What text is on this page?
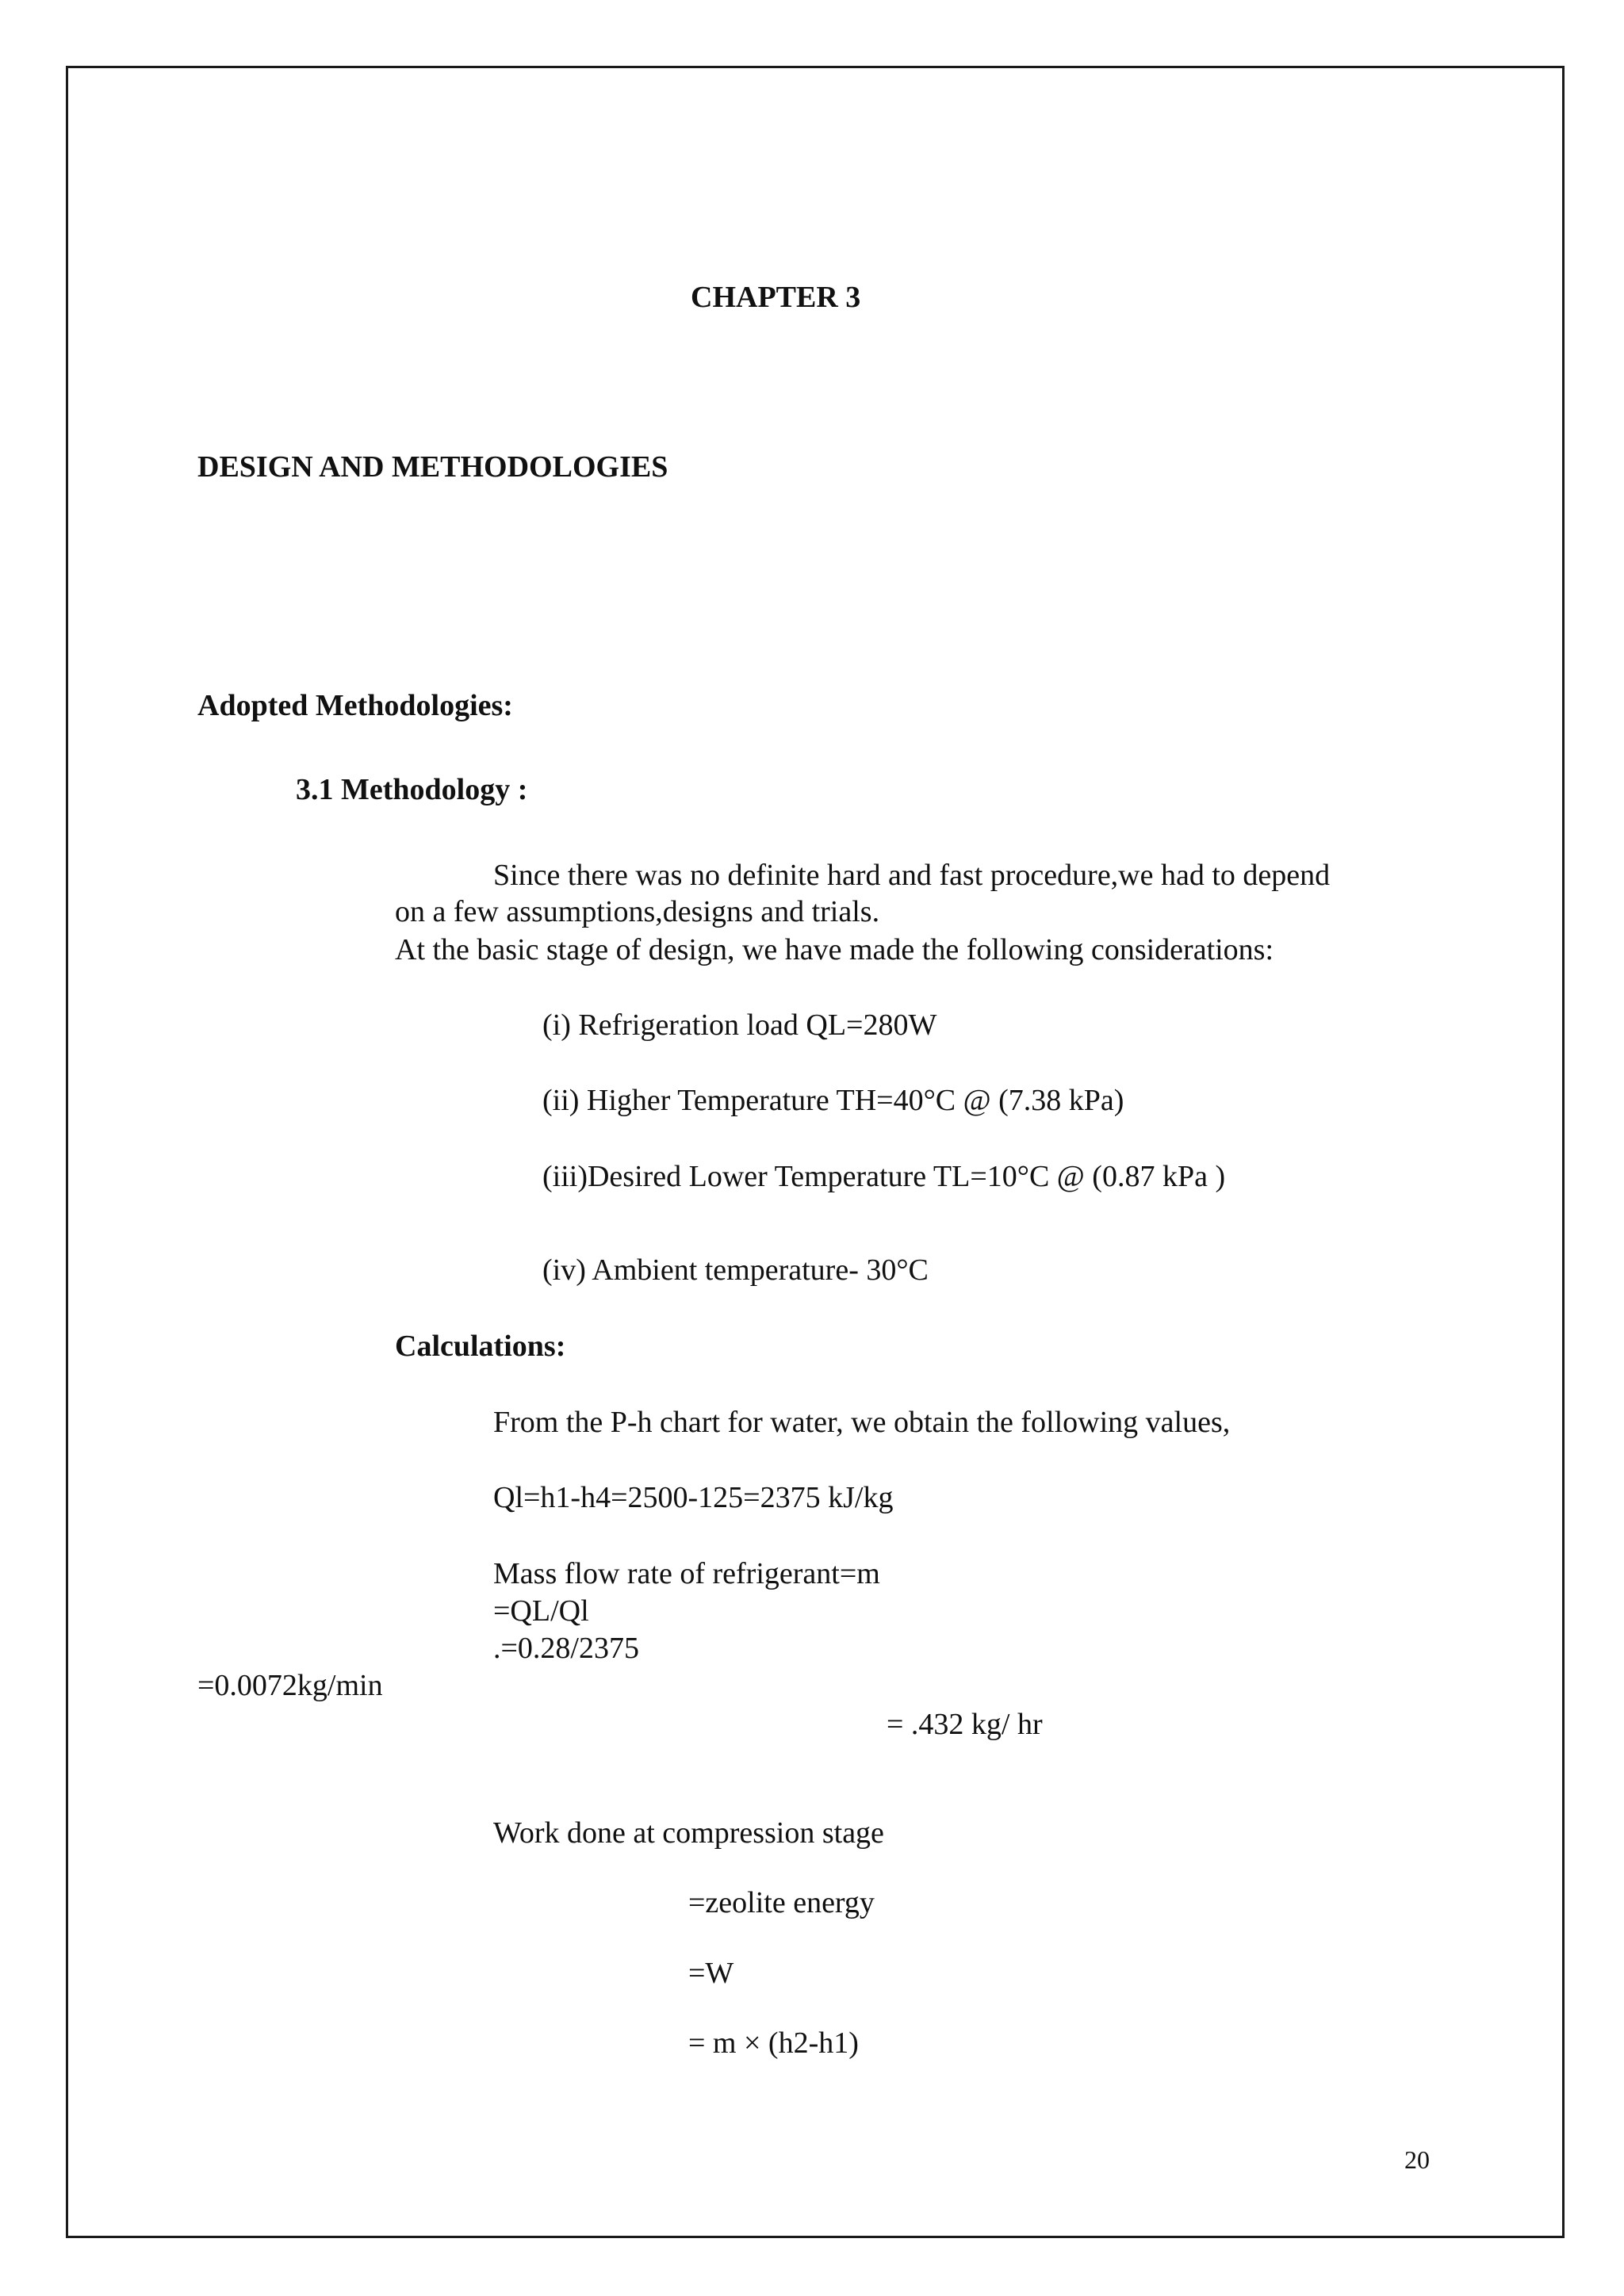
CHAPTER 3
DESIGN AND METHODOLOGIES
Adopted Methodologies:
3.1 Methodology :
Since there was no definite hard and fast procedure,we had to depend
on a few assumptions,designs and trials.
At the basic stage of design, we have made the following considerations:
(i) Refrigeration load QL=280W
(ii) Higher Temperature TH=40°C @ (7.38 kPa)
(iii)Desired Lower Temperature TL=10°C @ (0.87 kPa )
(iv) Ambient temperature- 30°C
Calculations:
From the P-h chart for water, we obtain the following values,
Ql=h1-h4=2500-125=2375 kJ/kg
Mass flow rate of refrigerant=m
=QL/Ql
.=0.28/2375
=0.0072kg/min
= .432 kg/ hr
Work done at compression stage
=zeolite energy
=W
= m × (h2-h1)
20
